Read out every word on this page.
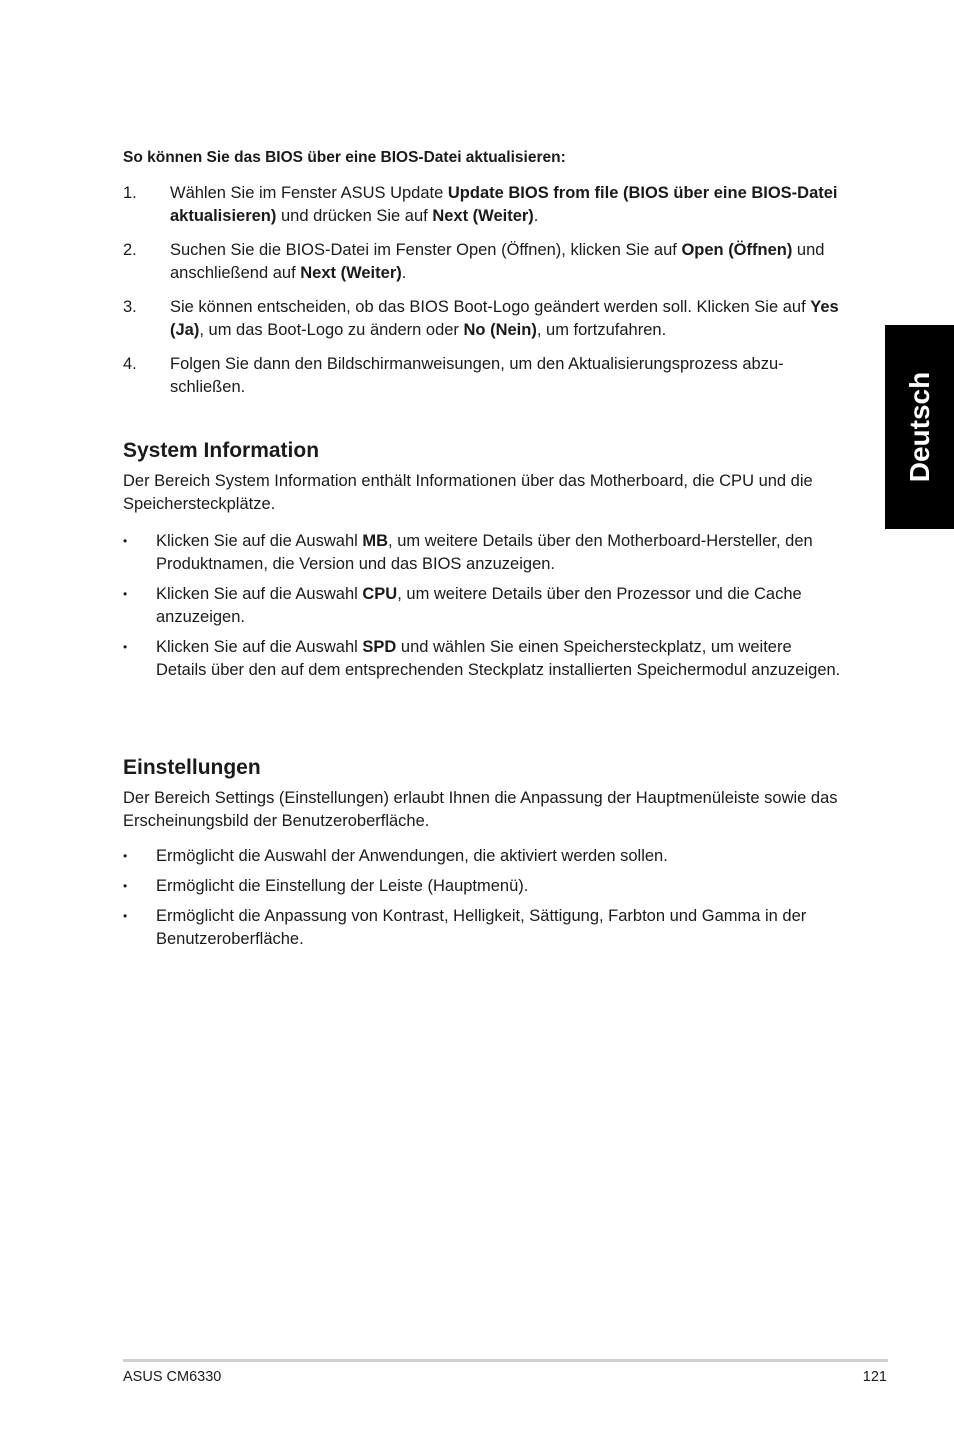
So können Sie das BIOS über eine BIOS-Datei aktualisieren:
1.	Wählen Sie im Fenster ASUS Update Update BIOS from file (BIOS über eine BIOS-Datei aktualisieren) und drücken Sie auf Next (Weiter).
2.	Suchen Sie die BIOS-Datei im Fenster Open (Öffnen), klicken Sie auf Open (Öffnen) und anschließend auf Next (Weiter).
3.	Sie können entscheiden, ob das BIOS Boot-Logo geändert werden soll. Klicken Sie auf Yes (Ja), um das Boot-Logo zu ändern oder No (Nein), um fortzufahren.
4.	Folgen Sie dann den Bildschirmanweisungen, um den Aktualisierungsprozess abzu-schließen.
System Information
Der Bereich System Information enthält Informationen über das Motherboard, die CPU und die Speichersteckplätze.
•	Klicken Sie auf die Auswahl MB, um weitere Details über den Motherboard-Hersteller, den Produktnamen, die Version und das BIOS anzuzeigen.
•	Klicken Sie auf die Auswahl CPU, um weitere Details über den Prozessor und die Cache anzuzeigen.
•	Klicken Sie auf die Auswahl SPD und wählen Sie einen Speichersteckplatz, um weitere Details über den auf dem entsprechenden Steckplatz installierten Speichermodul anzuzeigen.
Einstellungen
Der Bereich Settings (Einstellungen) erlaubt Ihnen die Anpassung der Hauptmenüleiste sowie das Erscheinungsbild der Benutzeroberfläche.
•	Ermöglicht die Auswahl der Anwendungen, die aktiviert werden sollen.
•	Ermöglicht die Einstellung der Leiste (Hauptmenü).
•	Ermöglicht die Anpassung von Kontrast, Helligkeit, Sättigung, Farbton und Gamma in der Benutzeroberfläche.
Deutsch
ASUS CM6330	121
